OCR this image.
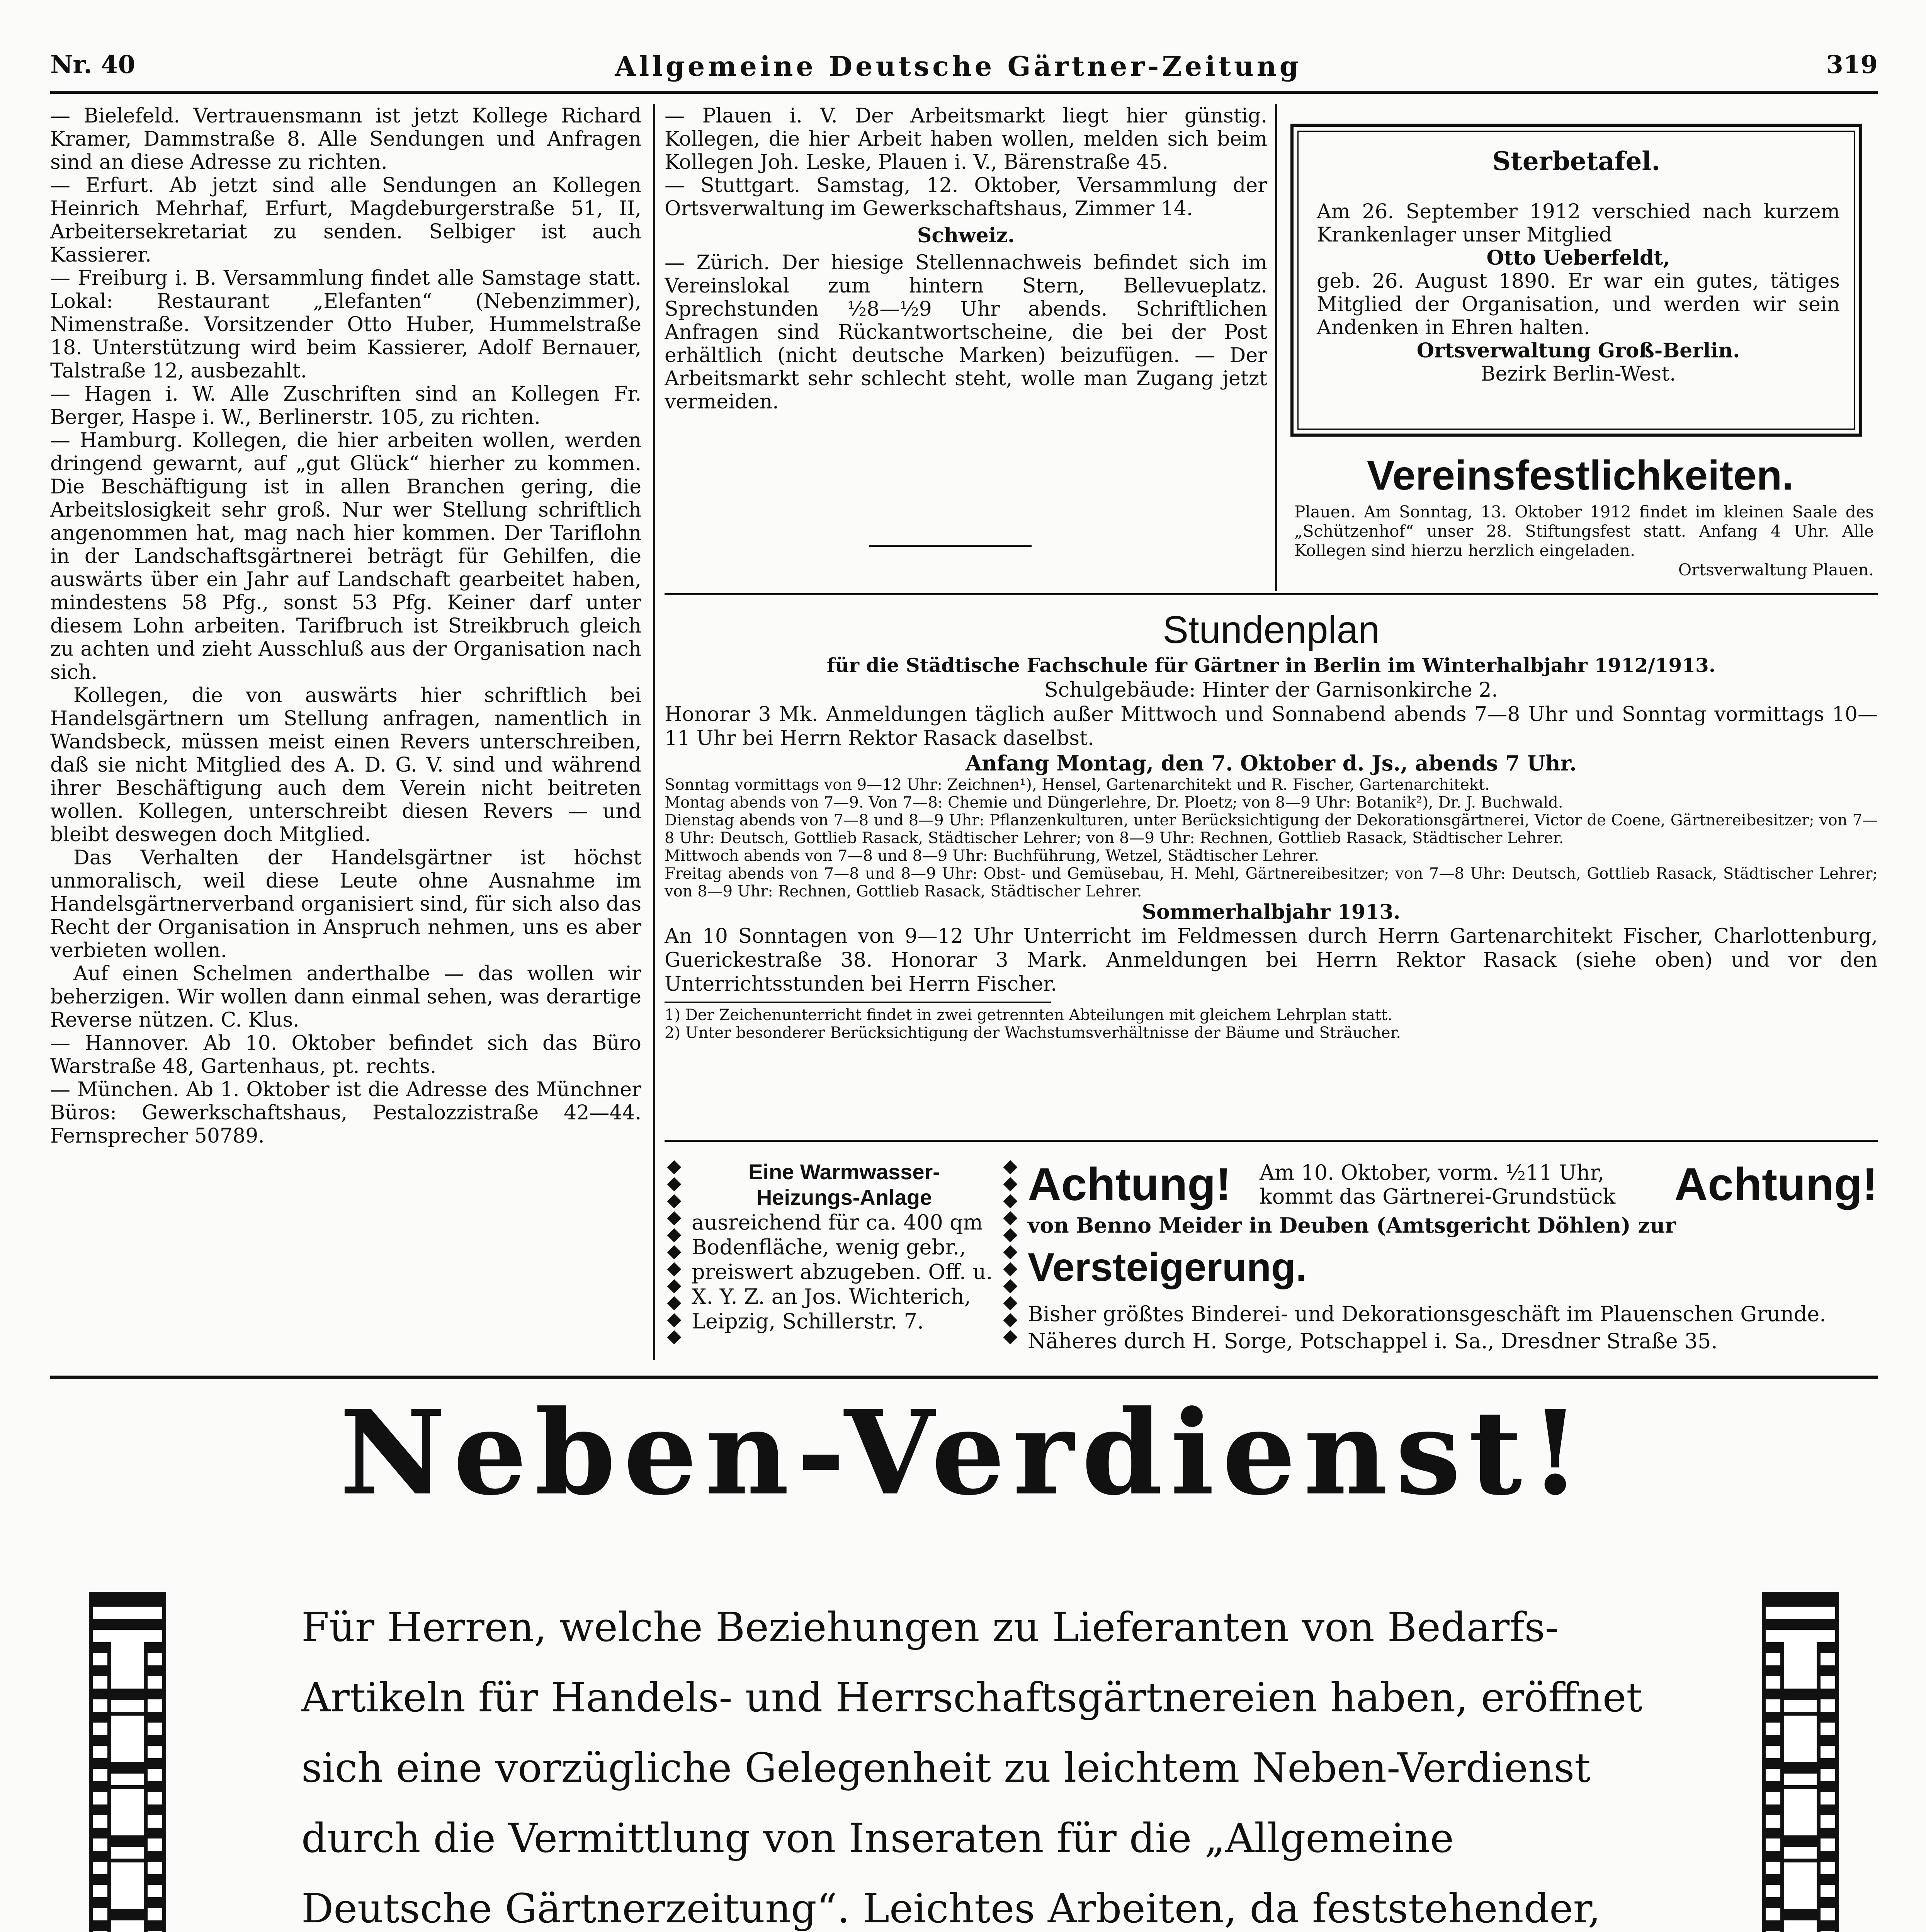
Nr. 40	Allgemeine Deutsche Gärtner-Zeitung	319

— Bielefeld. Vertrauensmann ist jetzt Kollege Richard Kramer, Dammstraße 8. Alle Sendungen und Anfragen sind an diese Adresse zu richten.

— Erfurt. Ab jetzt sind alle Sendungen an Kollegen Heinrich Mehrhaf, Erfurt, Magdeburgerstraße 51, II, Arbeitersekretariat zu senden. Selbiger ist auch Kassierer.

— Freiburg i. B. Versammlung findet alle Samstage statt. Lokal: Restaurant „Elefanten“ (Nebenzimmer), Nimenstraße. Vorsitzender Otto Huber, Hummelstraße 18. Unterstützung wird beim Kassierer, Adolf Bernauer, Talstraße 12, ausbezahlt.

— Hagen i. W. Alle Zuschriften sind an Kollegen Fr. Berger, Haspe i. W., Berlinerstr. 105, zu richten.

— Hamburg. Kollegen, die hier arbeiten wollen, werden dringend gewarnt, auf „gut Glück“ hierher zu kommen. Die Beschäftigung ist in allen Branchen gering, die Arbeitslosigkeit sehr groß. Nur wer Stellung schriftlich angenommen hat, mag nach hier kommen. Der Tariflohn in der Landschaftsgärtnerei beträgt für Gehilfen, die auswärts über ein Jahr auf Landschaft gearbeitet haben, mindestens 58 Pfg., sonst 53 Pfg. Keiner darf unter diesem Lohn arbeiten. Tarifbruch ist Streikbruch gleich zu achten und zieht Ausschluß aus der Organisation nach sich.

Kollegen, die von auswärts hier schriftlich bei Handelsgärtnern um Stellung anfragen, namentlich in Wandsbeck, müssen meist einen Revers unterschreiben, daß sie nicht Mitglied des A. D. G. V. sind und während ihrer Beschäftigung auch dem Verein nicht beitreten wollen. Kollegen, unterschreibt diesen Revers — und bleibt deswegen doch Mitglied.

Das Verhalten der Handelsgärtner ist höchst unmoralisch, weil diese Leute ohne Ausnahme im Handelsgärtnerverband organisiert sind, für sich also das Recht der Organisation in Anspruch nehmen, uns es aber verbieten wollen.

Auf einen Schelmen anderthalbe — das wollen wir beherzigen. Wir wollen dann einmal sehen, was derartige Reverse nützen. C. Klus.

— Hannover. Ab 10. Oktober befindet sich das Büro Warstraße 48, Gartenhaus, pt. rechts.

— München. Ab 1. Oktober ist die Adresse des Münchner Büros: Gewerkschaftshaus, Pestalozzistraße 42—44. Fernsprecher 50789.

— Plauen i. V. Der Arbeitsmarkt liegt hier günstig. Kollegen, die hier Arbeit haben wollen, melden sich beim Kollegen Joh. Leske, Plauen i. V., Bärenstraße 45.

— Stuttgart. Samstag, 12. Oktober, Versammlung der Ortsverwaltung im Gewerkschaftshaus, Zimmer 14.

Schweiz.

— Zürich. Der hiesige Stellennachweis befindet sich im Vereinslokal zum hintern Stern, Bellevueplatz. Sprechstunden ½8—½9 Uhr abends. Schriftlichen Anfragen sind Rückantwortscheine, die bei der Post erhältlich (nicht deutsche Marken) beizufügen. — Der Arbeitsmarkt sehr schlecht steht, wolle man Zugang jetzt vermeiden.

Sterbetafel.

Am 26. September 1912 verschied nach kurzem Krankenlager unser Mitglied

Otto Ueberfeldt,

geb. 26. August 1890. Er war ein gutes, tätiges Mitglied der Organisation, und werden wir sein Andenken in Ehren halten.

Ortsverwaltung Groß-Berlin.

Bezirk Berlin-West.

Vereinsfestlichkeiten.
Plauen. Am Sonntag, 13. Oktober 1912 findet im kleinen Saale des „Schützenhof“ unser 28. Stiftungsfest statt. Anfang 4 Uhr. Alle Kollegen sind hierzu herzlich eingeladen.
Ortsverwaltung Plauen.
Stundenplan
für die Städtische Fachschule für Gärtner in Berlin im Winterhalbjahr 1912/1913.
Schulgebäude: Hinter der Garnisonkirche 2.
Honorar 3 Mk. Anmeldungen täglich außer Mittwoch und Sonnabend abends 7—8 Uhr und Sonntag vormittags 10—11 Uhr bei Herrn Rektor Rasack daselbst.
Anfang Montag, den 7. Oktober d. Js., abends 7 Uhr.

Sonntag vormittags von 9—12 Uhr: Zeichnen¹), Hensel, Gartenarchitekt und R. Fischer, Gartenarchitekt.

Montag abends von 7—9. Von 7—8: Chemie und Düngerlehre, Dr. Ploetz; von 8—9 Uhr: Botanik²), Dr. J. Buchwald.

Dienstag abends von 7—8 und 8—9 Uhr: Pflanzenkulturen, unter Berücksichtigung der Dekorationsgärtnerei, Victor de Coene, Gärtnereibesitzer; von 7—8 Uhr: Deutsch, Gottlieb Rasack, Städtischer Lehrer; von 8—9 Uhr: Rechnen, Gottlieb Rasack, Städtischer Lehrer.

Mittwoch abends von 7—8 und 8—9 Uhr: Buchführung, Wetzel, Städtischer Lehrer.

Freitag abends von 7—8 und 8—9 Uhr: Obst- und Gemüsebau, H. Mehl, Gärtnereibesitzer; von 7—8 Uhr: Deutsch, Gottlieb Rasack, Städtischer Lehrer; von 8—9 Uhr: Rechnen, Gottlieb Rasack, Städtischer Lehrer.

Sommerhalbjahr 1913.
An 10 Sonntagen von 9—12 Uhr Unterricht im Feldmessen durch Herrn Gartenarchitekt Fischer, Charlottenburg, Guerickestraße 38. Honorar 3 Mark. Anmeldungen bei Herrn Rektor Rasack (siehe oben) und vor den Unterrichtsstunden bei Herrn Fischer.
1) Der Zeichenunterricht findet in zwei getrennten Abteilungen mit gleichem Lehrplan statt.
2) Unter besonderer Berücksichtigung der Wachstumsverhältnisse der Bäume und Sträucher.
Eine Warmwasser-
Heizungs-Anlage
ausreichend für ca. 400 qm Bodenfläche, wenig gebr., preiswert abzugeben. Off. u. X. Y. Z. an Jos. Wichterich, Leipzig, Schillerstr. 7.
Achtung! Am 10. Oktober, vorm. ½11 Uhr,
kommt das Gärtnerei-Grundstück	Achtung!
von Benno Meider in Deuben (Amtsgericht Döhlen) zur
Versteigerung.
Bisher größtes Binderei- und Dekorationsgeschäft im Plauenschen Grunde.
Näheres durch H. Sorge, Potschappel i. Sa., Dresdner Straße 35.
Neben-Verdienst!
Für Herren, welche Beziehungen zu Lieferanten von Bedarfs-
Artikeln für Handels- und Herrschaftsgärtnereien haben, eröffnet
sich eine vorzügliche Gelegenheit zu leichtem Neben-Verdienst
durch die Vermittlung von Inseraten für die „Allgemeine
Deutsche Gärtnerzeitung“. Leichtes Arbeiten, da feststehender,
